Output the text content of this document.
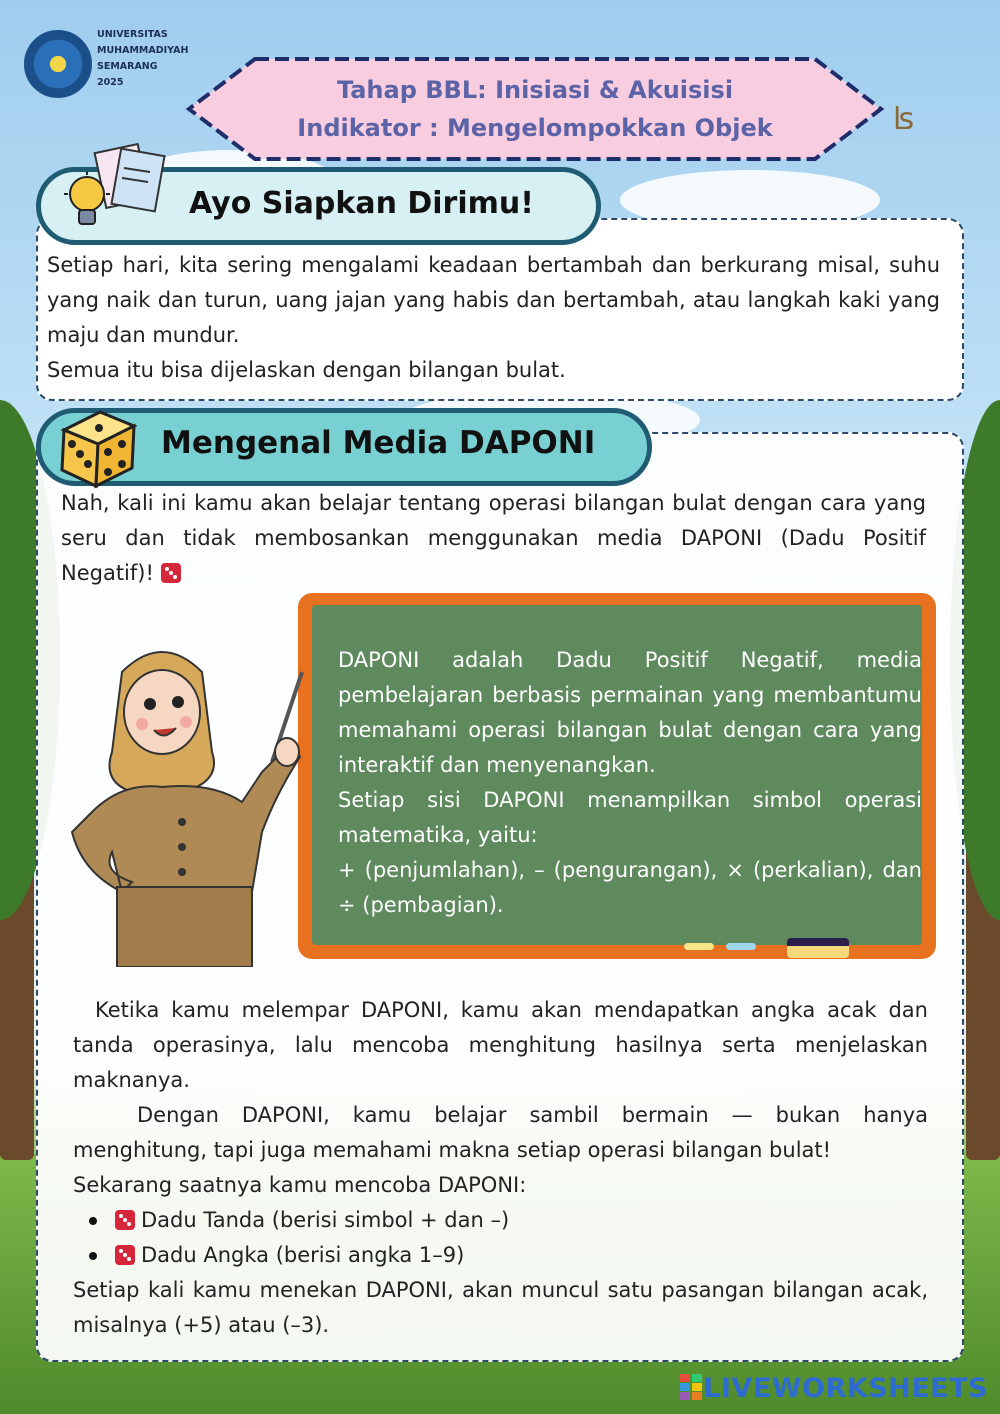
UNIVERSITAS
MUHAMMADIYAH
SEMARANG
2025	Tahap BBL: Inisiasi & Akuisisi
Indikator : Mengelompokkan Objek	ʪ
Ayo Siapkan Dirimu!

Setiap hari, kita sering mengalami keadaan bertambah dan berkurang misal, suhu yang naik dan turun, uang jajan yang habis dan bertambah, atau langkah kaki yang maju dan mundur.

Semua itu bisa dijelaskan dengan bilangan bulat.

Mengenal Media DAPONI
Nah, kali ini kamu akan belajar tentang operasi bilangan bulat dengan cara yang seru dan tidak membosankan menggunakan media DAPONI (Dadu Positif Negatif)!

DAPONI adalah Dadu Positif Negatif, media pembelajaran berbasis permainan yang membantumu memahami operasi bilangan bulat dengan cara yang interaktif dan menyenangkan.

Setiap sisi DAPONI menampilkan simbol operasi matematika, yaitu:

+ (penjumlahan), – (pengurangan), × (perkalian), dan ÷ (pembagian).

Ketika kamu melempar DAPONI, kamu akan mendapatkan angka acak dan tanda operasinya, lalu mencoba menghitung hasilnya serta menjelaskan maknanya.

Dengan DAPONI, kamu belajar sambil bermain — bukan hanya menghitung, tapi juga memahami makna setiap operasi bilangan bulat!

Sekarang saatnya kamu mencoba DAPONI:

Dadu Tanda (berisi simbol + dan –)
Dadu Angka (berisi angka 1–9)

Setiap kali kamu menekan DAPONI, akan muncul satu pasangan bilangan acak, misalnya (+5) atau (–3).

LIVEWORKSHEETS
